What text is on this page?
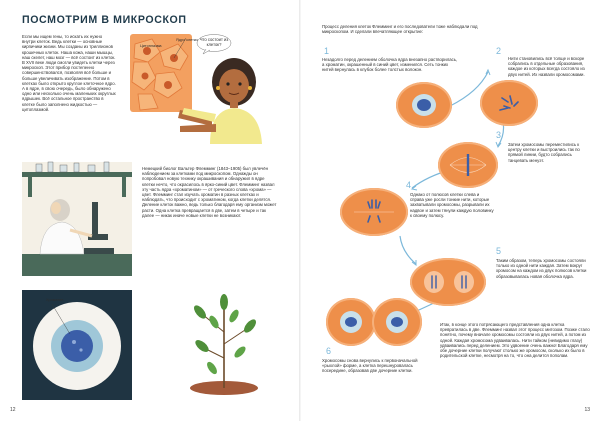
ПОСМОТРИМ В МИКРОСКОП
Если мы ищем гены, то искать их нужно внутри клеток. Ведь клетки — основные кирпичики жизни. Мы созданы из триллионов крошечных клеток. Наша кожа, наши мышцы, наш скелет, наш мозг — всё состоит из клеток. В XVII веке люди смогли увидеть клетки через микроскоп. Этот прибор постепенно совершенствовался, позволяя всё больше и больше увеличивать изображение. Потом в клетках было открыто круглое клеточное ядро. А в ядре, в свою очередь, было обнаружено одно или несколько очень маленьких округлых ядрышек. Всё остальное пространство в клетке было заполнено жидкостью — цитоплазмой.
Цитоплазма
Ядро клетки Что состоит из клеток?
Немецкий биолог Вальтер Флемминг (1843–1905) был увлечён наблюдением за клетками под микроскопом. Однажды он попробовал новую технику окрашивания и обнаружил в ядре клетки нечто, что окрасилось в ярко-синий цвет. Флемминг назвал эту часть ядра «хроматином» — от греческого слова «хрома» — цвет. Флемминг стал изучать хроматин в разных клетках и наблюдать, что происходит с хроматином, когда клетки делятся. Деление клеток важно, ведь только благодаря ему организм может расти. Одна клетка превращается в две, затем в четыре и так далее — никак иначе новые клетки не возникают.
Хроматин
12
Процесс деления клеток Флемминг и его последователи тоже наблюдали под микроскопом. И сделали впечатляющее открытие:
1
Незадолго перед делением оболочка ядра внезапно растворилась, а хроматин, окрашенный в синий цвет, изменился. Сеть тонких нитей вернулась в клубок более толстых волокон.
2
Нити становились всё толще и вскоре собрались в отдельные образования, каждое из которых всегда состояло из двух нитей. Их назвали хромосомами.
3
Затем хромосомы переместились к центру клетки и выстроились так по прямой линии, будто собрались танцевать менуэт.
4
Однако от полюсов клетки слева и справа уже росли тонкие нити, которые захватывали хромосомы, разрывали их надвое и затем тянули каждую половинку к своему полюсу.
5
Таким образом, теперь хромосомы состояли только из одной нити каждая. Затем вокруг хромосом на каждом из двух полюсов клетки образовывалась новая оболочка ядра.
6
Хромосомы снова вернулись к первоначальной «рыхлой» форме, а клетка перешнуровалась посередине, образовав две дочерние клетки.
Итак, в конце этого потрясающего представления одна клетка превратилась в две. Флемминг назвал этот процесс митозом. Позже стало понятно, почему вначале хромосомы состояли из двух нитей, а потом из одной. Каждая хромосома удваивалась. Нити тайком (невидимо глазу) удваивались перед делением. Это удвоение очень важно! Благодаря ему обе дочерние клетки получают столько же хромосом, сколько их было в родительской клетке, несмотря на то, что она делится пополам.
13
